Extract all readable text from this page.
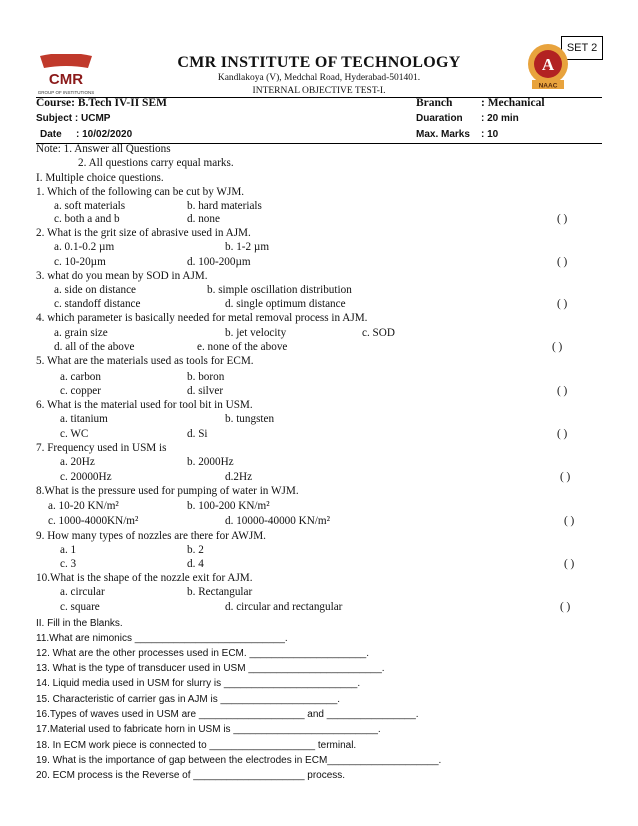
SET 2
CMR
GROUP OF INSTITUTIONS
A
NAAC
CMR INSTITUTE OF TECHNOLOGY
Kandlakoya (V), Medchal Road, Hyderabad-501401.
INTERNAL OBJECTIVE TEST-I.
Course: B.Tech IV-II SEM	Branch : Mechanical
Subject : UCMP	Duaration : 20 min
Date : 10/02/2020	Max. Marks : 10
Note: 1. Answer all Questions
2. All questions carry equal marks.
I. Multiple choice questions.
1. Which of the following can be cut by WJM.
a. soft materials	b. hard materials
c. both a and b	d. none	( )
2. What is the grit size of abrasive used in AJM.
a. 0.1-0.2 µm	b. 1-2 µm
c. 10-20µm	d. 100-200µm	( )
3. what do you mean by SOD in AJM.
a. side on distance	b. simple oscillation distribution
c. standoff distance	d. single optimum distance	( )
4. which parameter is basically needed for metal removal process in AJM.
a. grain size	b. jet velocity	c. SOD
d. all of the above	e. none of the above	( )
5. What are the materials used as tools for ECM.
a. carbon	b. boron
c. copper	d. silver	( )
6. What is the material used for tool bit in USM.
a. titanium	b. tungsten
c. WC	d. Si	( )
7. Frequency used in USM is
a. 20Hz	b. 2000Hz
c. 20000Hz	d.2Hz	( )
8.What is the pressure used for pumping of water in WJM.
a. 10-20 KN/m²	b. 100-200 KN/m²
c. 1000-4000KN/m²	d. 10000-40000 KN/m²	( )
9. How many types of nozzles are there for AWJM.
a. 1	b. 2
c. 3	d. 4	( )
10.What is the shape of the nozzle exit for AJM.
a. circular	b. Rectangular
c. square	d. circular and rectangular	( )
II. Fill in the Blanks.
11.What are nimonics ___________________________.
12. What are the other processes used in ECM. _____________________.
13. What is the type of transducer used in USM ________________________.
14. Liquid media used in USM for slurry is ________________________.
15. Characteristic of carrier gas in AJM is _____________________.
16.Types of waves used in USM are ___________________ and ________________.
17.Material used to fabricate horn in USM is __________________________.
18. In ECM work piece is connected to ___________________ terminal.
19. What is the importance of gap between the electrodes in ECM____________________.
20. ECM process is the Reverse of ____________________ process.
